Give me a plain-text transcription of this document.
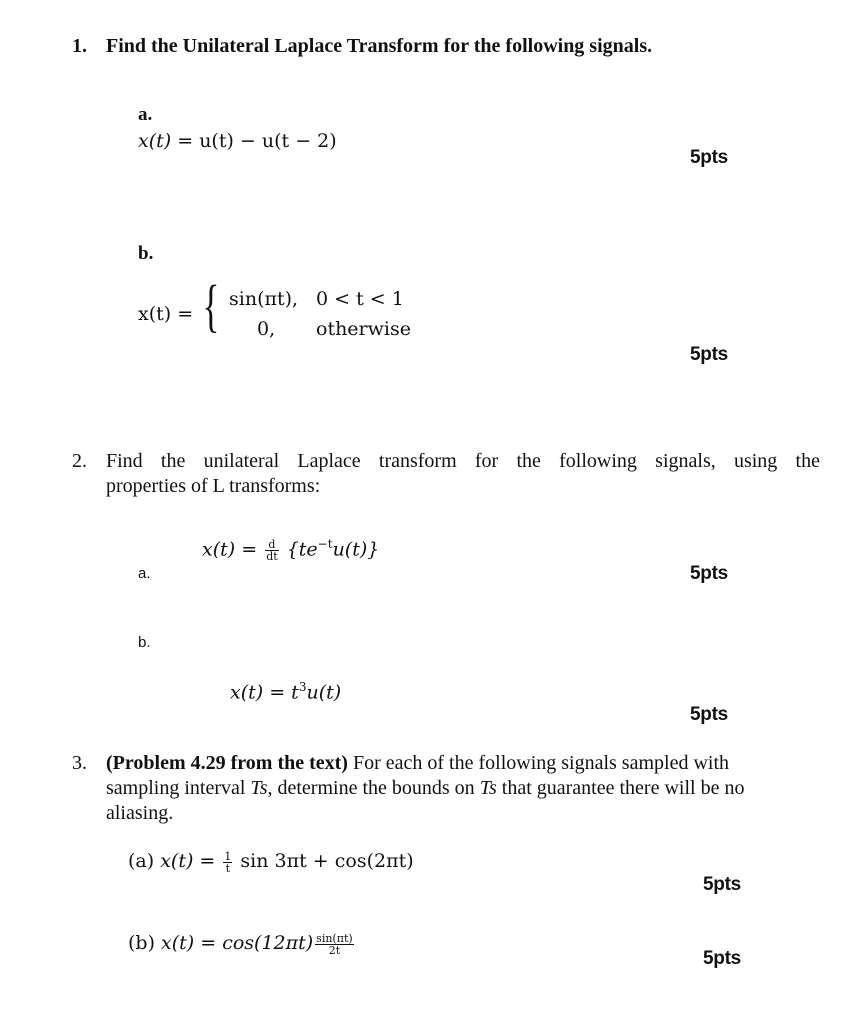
1. Find the Unilateral Laplace Transform for the following signals.
a.
x(t) = u(t) − u(t − 2)
5pts
b.
x(t) = { sin(πt), 0 < t < 1
0, otherwise
5pts
2. Find the unilateral Laplace transform for the following signals, using the
properties of L transforms:
$x(t) = \frac{d}{dt} \{te^{-t}u(t)\}$
a.	5pts
b.
$x(t) = t^3u(t)$
5pts
3. (Problem 4.29 from the text) For each of the following signals sampled with
sampling interval Ts, determine the bounds on Ts that guarantee there will be no
aliasing.
(a) $x(t) = \frac{1}{t}$ sin 3πt + cos(2πt)
5pts
(b) $x(t) = \cos(12\pi t) \frac{\sin(\pi t)}{2t}$
5pts
